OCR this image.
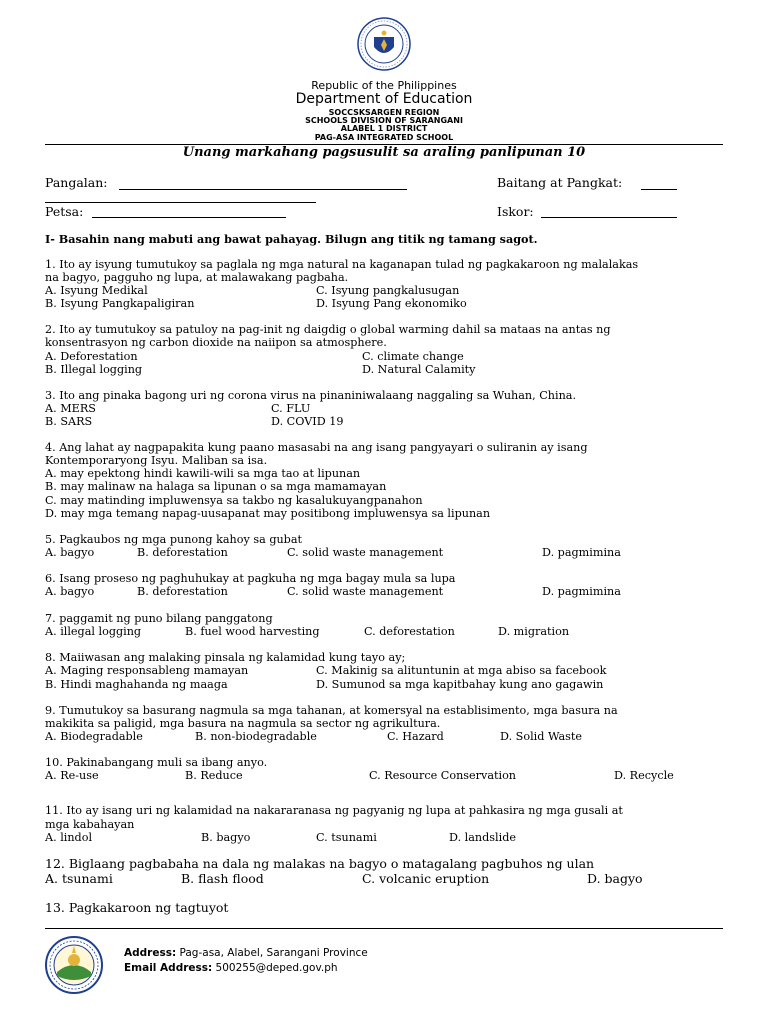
Republic of the Philippines
Department of Education
SOCCSKSARGEN REGION
SCHOOLS DIVISION OF SARANGANI
ALABEL 1 DISTRICT
PAG-ASA INTEGRATED SCHOOL
Unang markahang pagsusulit sa araling panlipunan 10
Pangalan:	Baitang at Pangkat:
Petsa:	Iskor:
I- Basahin nang mabuti ang bawat pahayag. Bilugn ang titik ng tamang sagot.
1. Ito ay isyung tumutukoy sa paglala ng mga natural na kaganapan tulad ng pagkakaroon ng malalakas
na bagyo, pagguho ng lupa, at malawakang pagbaha.
A. Isyung Medikal	C. Isyung pangkalusugan
B. Isyung Pangkapaligiran	D. Isyung Pang ekonomiko
2. Ito ay tumutukoy sa patuloy na pag-init ng daigdig o global warming dahil sa mataas na antas ng
konsentrasyon ng carbon dioxide na naiipon sa atmosphere.
A. Deforestation	C. climate change
B. Illegal logging	D. Natural Calamity
3. Ito ang pinaka bagong uri ng corona virus na pinaniniwalaang naggaling sa Wuhan, China.
A. MERS	C. FLU
B. SARS	D. COVID 19
4. Ang lahat ay nagpapakita kung paano masasabi na ang isang pangyayari o suliranin ay isang
Kontemporaryong Isyu. Maliban sa isa.
A. may epektong hindi kawili-wili sa mga tao at lipunan
B. may malinaw na halaga sa lipunan o sa mga mamamayan
C. may matinding impluwensya sa takbo ng kasalukuyangpanahon
D. may mga temang napag-uusapanat may positibong impluwensya sa lipunan
5. Pagkaubos ng mga punong kahoy sa gubat
A. bagyo	B. deforestation	C. solid waste management	D. pagmimina
6. Isang proseso ng paghuhukay at pagkuha ng mga bagay mula sa lupa
A. bagyo	B. deforestation	C. solid waste management	D. pagmimina
7. paggamit ng puno bilang panggatong
A. illegal logging	B. fuel wood harvesting	C. deforestation	D. migration
8. Maiiwasan ang malaking pinsala ng kalamidad kung tayo ay;
A. Maging responsableng mamayan	C. Makinig sa alituntunin at mga abiso sa facebook
B. Hindi maghahanda ng maaga	D. Sumunod sa mga kapitbahay kung ano gagawin
9. Tumutukoy sa basurang nagmula sa mga tahanan, at komersyal na establisimento, mga basura na
makikita sa paligid, mga basura na nagmula sa sector ng agrikultura.
A. Biodegradable	B. non-biodegradable	C. Hazard	D. Solid Waste
10. Pakinabangang muli sa ibang anyo.
A. Re-use	B. Reduce	C. Resource Conservation	D. Recycle
11. Ito ay isang uri ng kalamidad na nakararanasa ng pagyanig ng lupa at pahkasira ng mga gusali at
mga kabahayan
A. lindol	B. bagyo	C. tsunami	D. landslide
12. Biglaang pagbabaha na dala ng malakas na bagyo o matagalang pagbuhos ng ulan
A. tsunami	B. flash flood	C. volcanic eruption	D. bagyo
13. Pagkakaroon ng tagtuyot
Address: Pag-asa, Alabel, Sarangani Province
Email Address: 500255@deped.gov.ph
